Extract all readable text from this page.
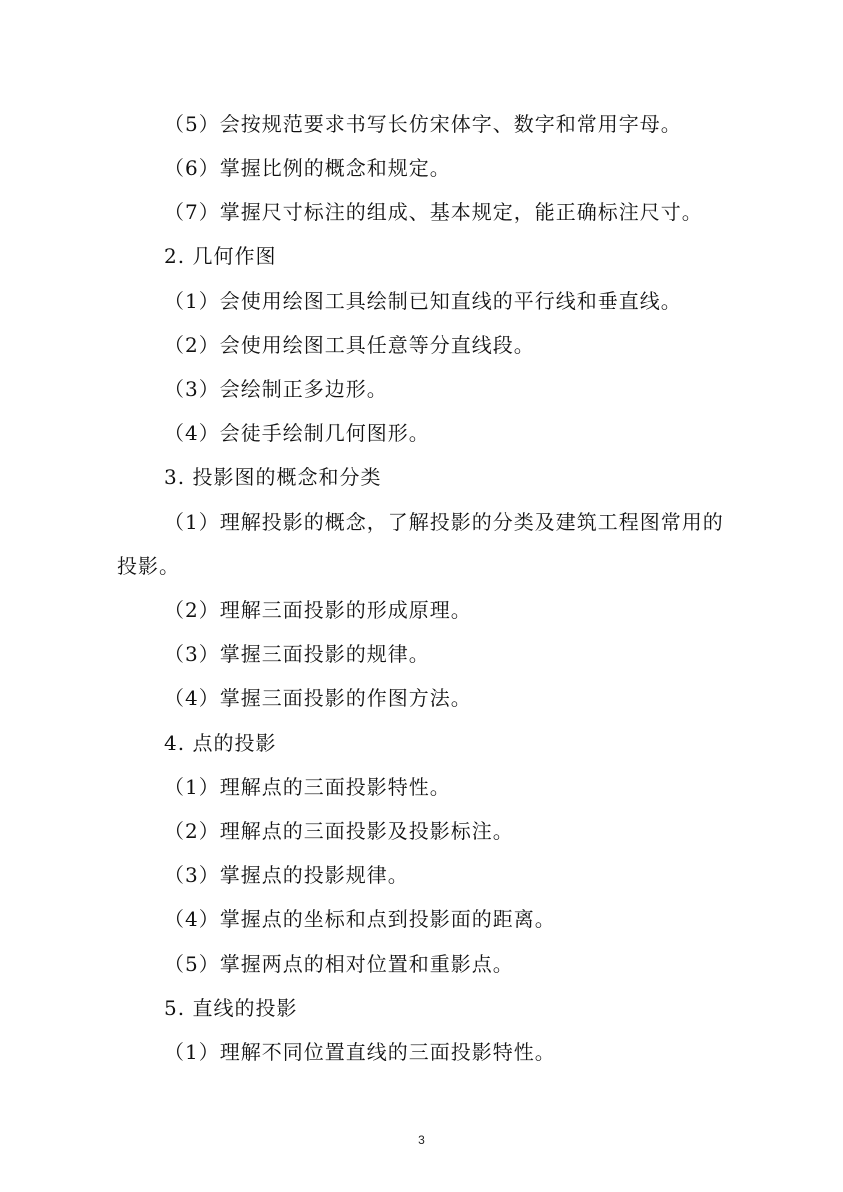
（5）会按规范要求书写长仿宋体字、数字和常用字母。
（6）掌握比例的概念和规定。
（7）掌握尺寸标注的组成、基本规定，能正确标注尺寸。
2. 几何作图
（1）会使用绘图工具绘制已知直线的平行线和垂直线。
（2）会使用绘图工具任意等分直线段。
（3）会绘制正多边形。
（4）会徒手绘制几何图形。
3. 投影图的概念和分类
（1）理解投影的概念，了解投影的分类及建筑工程图常用的
投影。
（2）理解三面投影的形成原理。
（3）掌握三面投影的规律。
（4）掌握三面投影的作图方法。
4. 点的投影
（1）理解点的三面投影特性。
（2）理解点的三面投影及投影标注。
（3）掌握点的投影规律。
（4）掌握点的坐标和点到投影面的距离。
（5）掌握两点的相对位置和重影点。
5. 直线的投影
（1）理解不同位置直线的三面投影特性。
3
